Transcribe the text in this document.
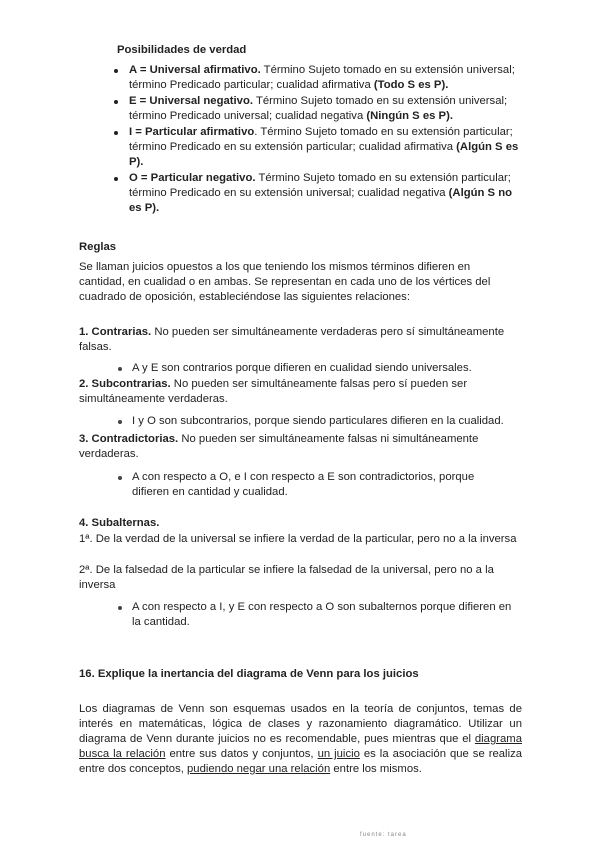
Posibilidades de verdad
A = Universal afirmativo. Término Sujeto tomado en su extensión universal; término Predicado particular; cualidad afirmativa (Todo S es P).
E = Universal negativo. Término Sujeto tomado en su extensión universal; término Predicado universal; cualidad negativa (Ningún S es P).
I = Particular afirmativo. Término Sujeto tomado en su extensión particular; término Predicado en su extensión particular; cualidad afirmativa (Algún S es P).
O = Particular negativo. Término Sujeto tomado en su extensión particular; término Predicado en su extensión universal; cualidad negativa (Algún S no es P).
Reglas
Se llaman juicios opuestos a los que teniendo los mismos términos difieren en cantidad, en cualidad o en ambas. Se representan en cada uno de los vértices del cuadrado de oposición, estableciéndose las siguientes relaciones:
1. Contrarias. No pueden ser simultáneamente verdaderas pero sí simultáneamente falsas.
A y E son contrarios porque difieren en cualidad siendo universales.
2. Subcontrarias. No pueden ser simultáneamente falsas pero sí pueden ser simultáneamente verdaderas.
I y O son subcontrarios, porque siendo particulares difieren en la cualidad.
3. Contradictorias. No pueden ser simultáneamente falsas ni simultáneamente verdaderas.
A con respecto a O, e I con respecto a E son contradictorios, porque difieren en cantidad y cualidad.
4. Subalternas.
1ª. De la verdad de la universal se infiere la verdad de la particular, pero no a la inversa
2ª. De la falsedad de la particular se infiere la falsedad de la universal, pero no a la inversa
A con respecto a I, y E con respecto a O son subalternos porque difieren en la cantidad.
16. Explique la inertancia del diagrama de Venn para los juicios
Los diagramas de Venn son esquemas usados en la teoría de conjuntos, temas de interés en matemáticas, lógica de clases y razonamiento diagramático. Utilizar un diagrama de Venn durante juicios no es recomendable, pues mientras que el diagrama busca la relación entre sus datos y conjuntos, un juicio es la asociación que se realiza entre dos conceptos, pudiendo negar una relación entre los mismos.
fuente: tarea
